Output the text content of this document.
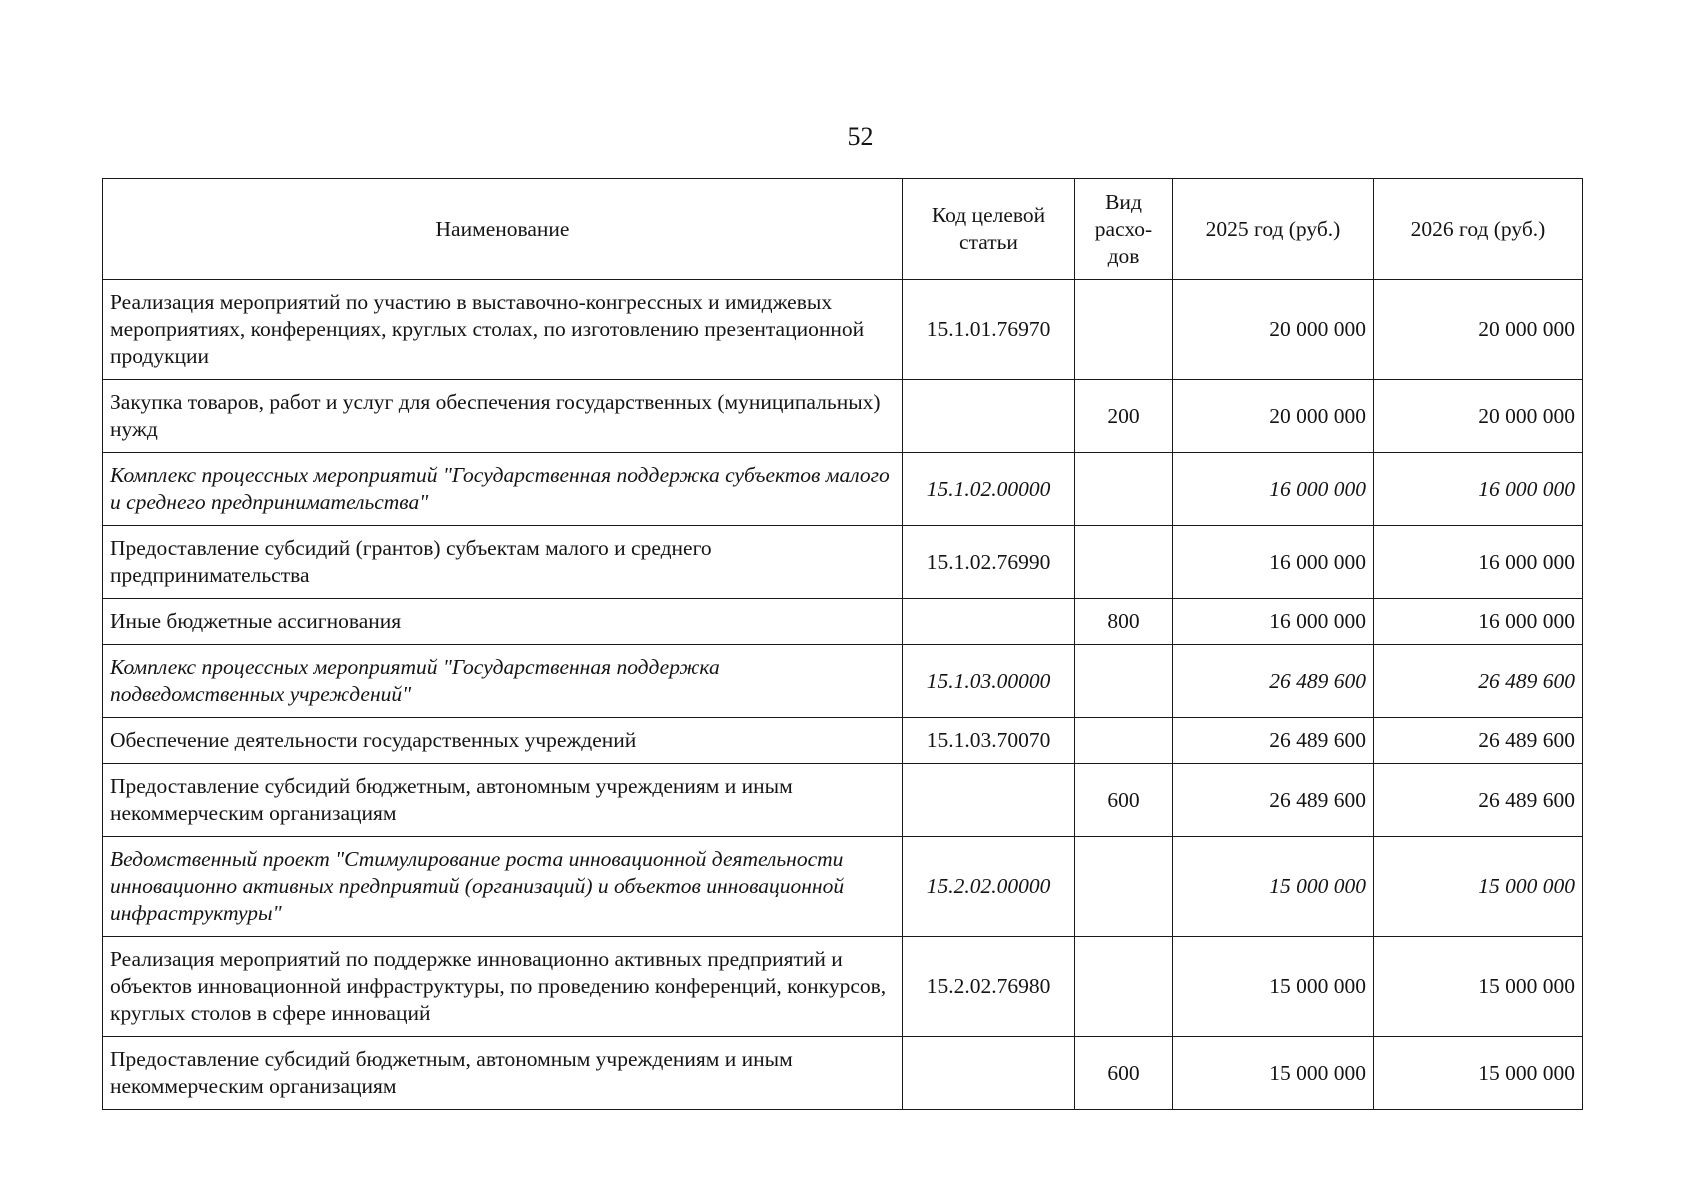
52
Наименование	Код целевой статьи	Вид расхо-дов	2025 год (руб.)	2026 год (руб.)
Реализация мероприятий по участию в выставочно-конгрессных и имиджевых мероприятиях, конференциях, круглых столах, по изготовлению презентационной продукции	15.1.01.76970		20 000 000	20 000 000
Закупка товаров, работ и услуг для обеспечения государственных (муниципальных) нужд		200	20 000 000	20 000 000
Комплекс процессных мероприятий "Государственная поддержка субъектов малого и среднего предпринимательства"	15.1.02.00000		16 000 000	16 000 000
Предоставление субсидий (грантов) субъектам малого и среднего предпринимательства	15.1.02.76990		16 000 000	16 000 000
Иные бюджетные ассигнования		800	16 000 000	16 000 000
Комплекс процессных мероприятий "Государственная поддержка подведомственных учреждений"	15.1.03.00000		26 489 600	26 489 600
Обеспечение деятельности государственных учреждений	15.1.03.70070		26 489 600	26 489 600
Предоставление субсидий бюджетным, автономным учреждениям и иным некоммерческим организациям		600	26 489 600	26 489 600
Ведомственный проект "Стимулирование роста инновационной деятельности инновационно активных предприятий (организаций) и объектов инновационной инфраструктуры"	15.2.02.00000		15 000 000	15 000 000
Реализация мероприятий по поддержке инновационно активных предприятий и объектов инновационной инфраструктуры, по проведению конференций, конкурсов, круглых столов в сфере инноваций	15.2.02.76980		15 000 000	15 000 000
Предоставление субсидий бюджетным, автономным учреждениям и иным некоммерческим организациям		600	15 000 000	15 000 000
